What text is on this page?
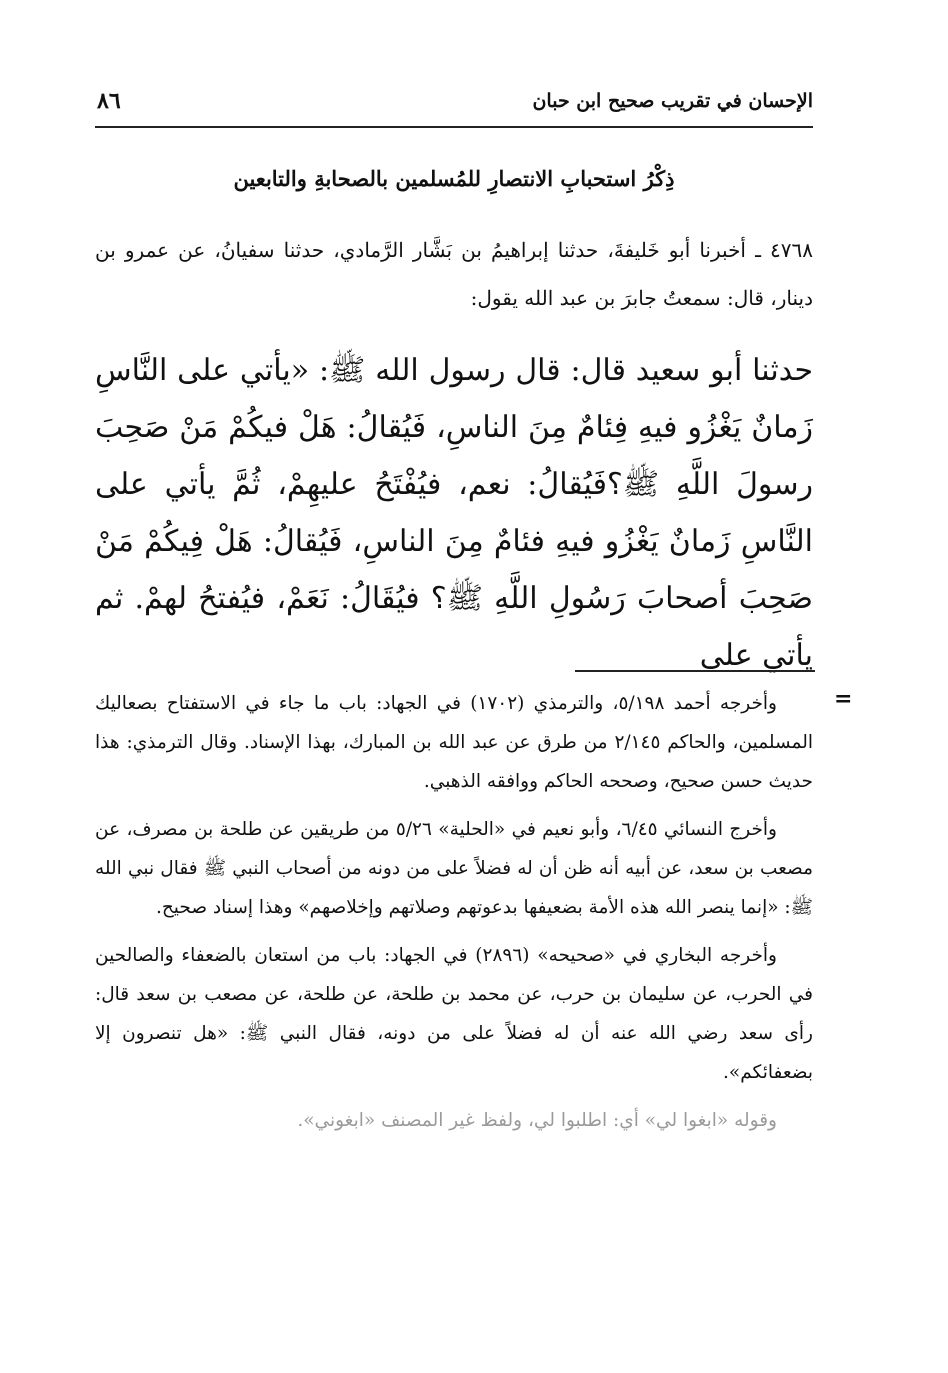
الإحسان في تقريب صحيح ابن حبان
٨٦
ذِكْرُ استحبابِ الانتصارِ للمُسلمين بالصحابةِ والتابعين

٤٧٦٨ ـ أخبرنا أبو خَليفةَ، حدثنا إبراهيمُ بن بَشَّار الرَّمادي، حدثنا سفيانُ، عن عمرو بن دينار، قال: سمعتُ جابرَ بن عبد الله يقول:

حدثنا أبو سعيد قال: قال رسول الله ﷺ: «يأتي على النَّاسِ زَمانٌ يَغْزُو فيهِ فِئامٌ مِنَ الناسِ، فَيُقالُ: هَلْ فيكُمْ مَنْ صَحِبَ رسولَ اللَّهِ ﷺ؟فَيُقالُ: نعم، فيُفْتَحُ عليهِمْ، ثُمَّ يأتي على النَّاسِ زَمانٌ يَغْزُو فيهِ فئامٌ مِنَ الناسِ، فَيُقالُ: هَلْ فِيكُمْ مَنْ صَحِبَ أصحابَ رَسُولِ اللَّهِ ﷺ؟ فيُقَالُ: نَعَمْ، فيُفتحُ لهمْ. ثم يأتي على

=

وأخرجه أحمد ٥/١٩٨، والترمذي (١٧٠٢) في الجهاد: باب ما جاء في الاستفتاح بصعاليك المسلمين، والحاكم ٢/١٤٥ من طرق عن عبد الله بن المبارك، بهذا الإسناد. وقال الترمذي: هذا حديث حسن صحيح، وصححه الحاكم ووافقه الذهبي.

وأخرج النسائي ٦/٤٥، وأبو نعيم في «الحلية» ٥/٢٦ من طريقين عن طلحة بن مصرف، عن مصعب بن سعد، عن أبيه أنه ظن أن له فضلاً على من دونه من أصحاب النبي ﷺ فقال نبي الله ﷺ: «إنما ينصر الله هذه الأمة بضعيفها بدعوتهم وصلاتهم وإخلاصهم» وهذا إسناد صحيح.

وأخرجه البخاري في «صحيحه» (٢٨٩٦) في الجهاد: باب من استعان بالضعفاء والصالحين في الحرب، عن سليمان بن حرب، عن محمد بن طلحة، عن طلحة، عن مصعب بن سعد قال: رأى سعد رضي الله عنه أن له فضلاً على من دونه، فقال النبي ﷺ: «هل تنصرون إلا بضعفائكم».

وقوله «ابغوا لي» أي: اطلبوا لي، ولفظ غير المصنف «ابغوني».
